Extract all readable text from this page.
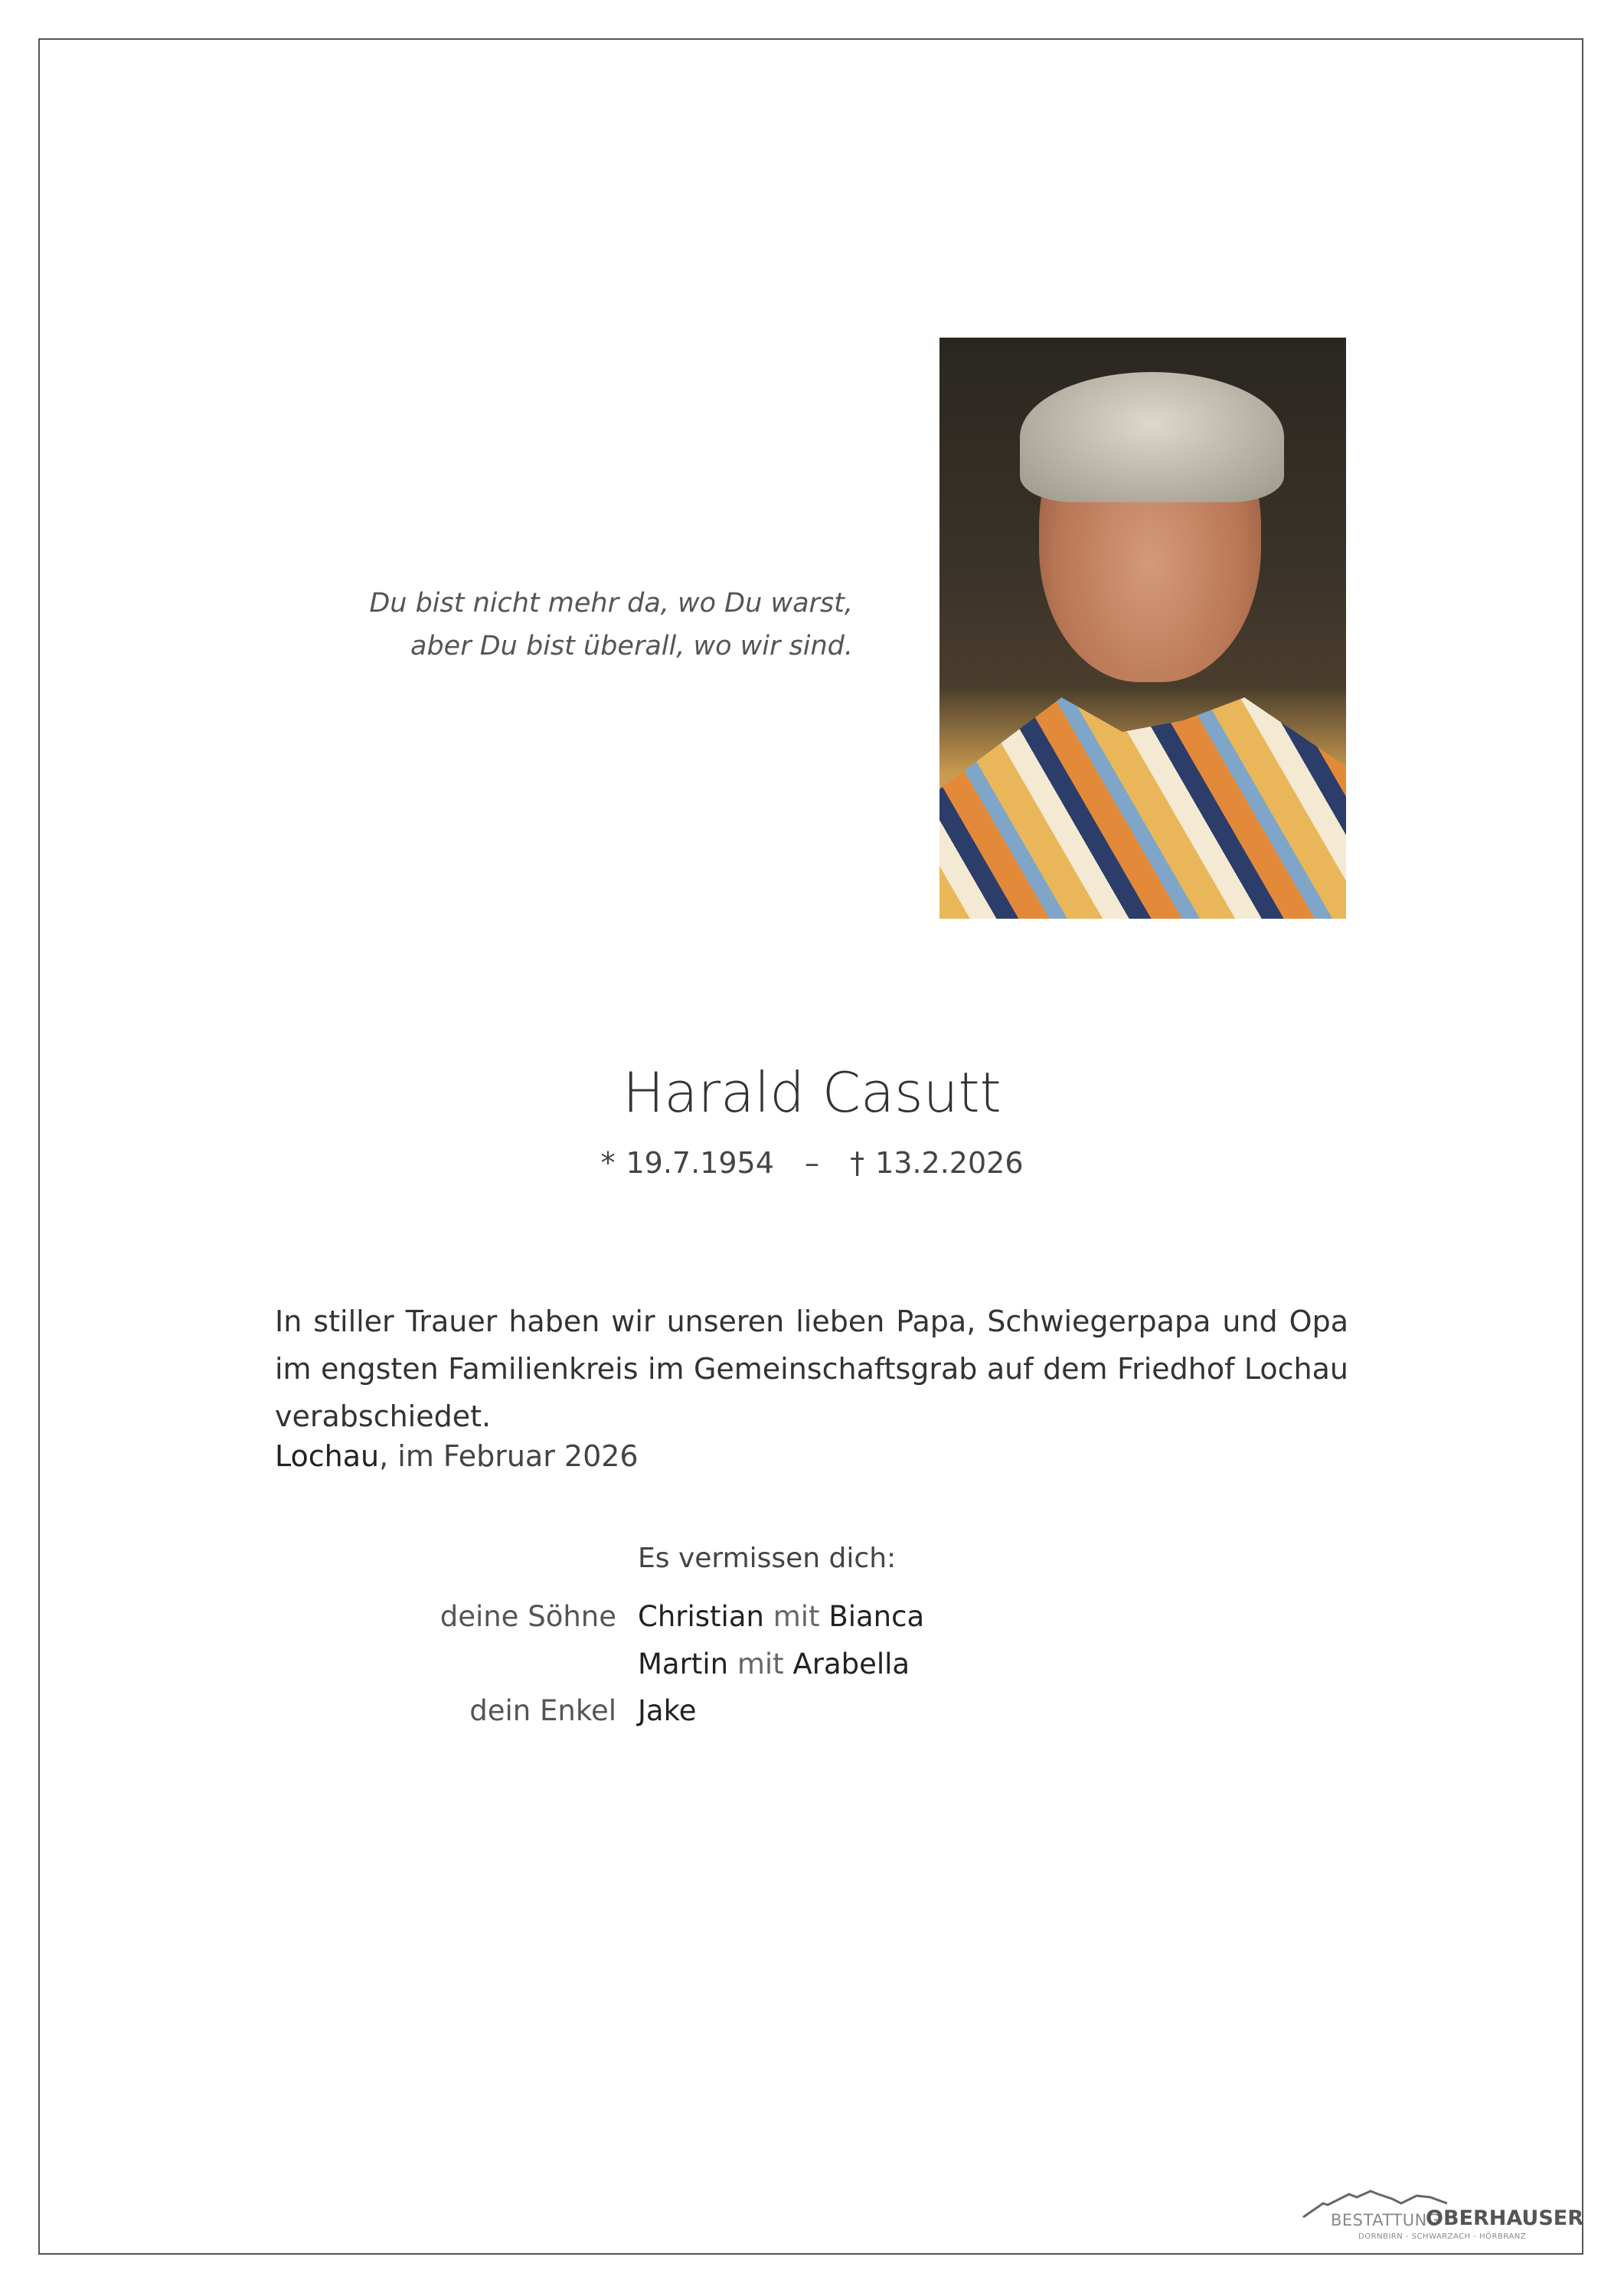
Du bist nicht mehr da, wo Du warst,
aber Du bist überall, wo wir sind.
Harald Casutt
* 19.7.1954 – † 13.2.2026
In stiller Trauer haben wir unseren lieben Papa, Schwiegerpapa und Opa im engsten Familienkreis im Gemeinschaftsgrab auf dem Friedhof Lochau verabschiedet.
Lochau, im Februar 2026
Es vermissen dich:
deine Söhne Christian mit Bianca
Martin mit Arabella
dein Enkel Jake
BESTATTUNG
OBERHAUSER
DORNBIRN - SCHWARZACH - HÖRBRANZ
